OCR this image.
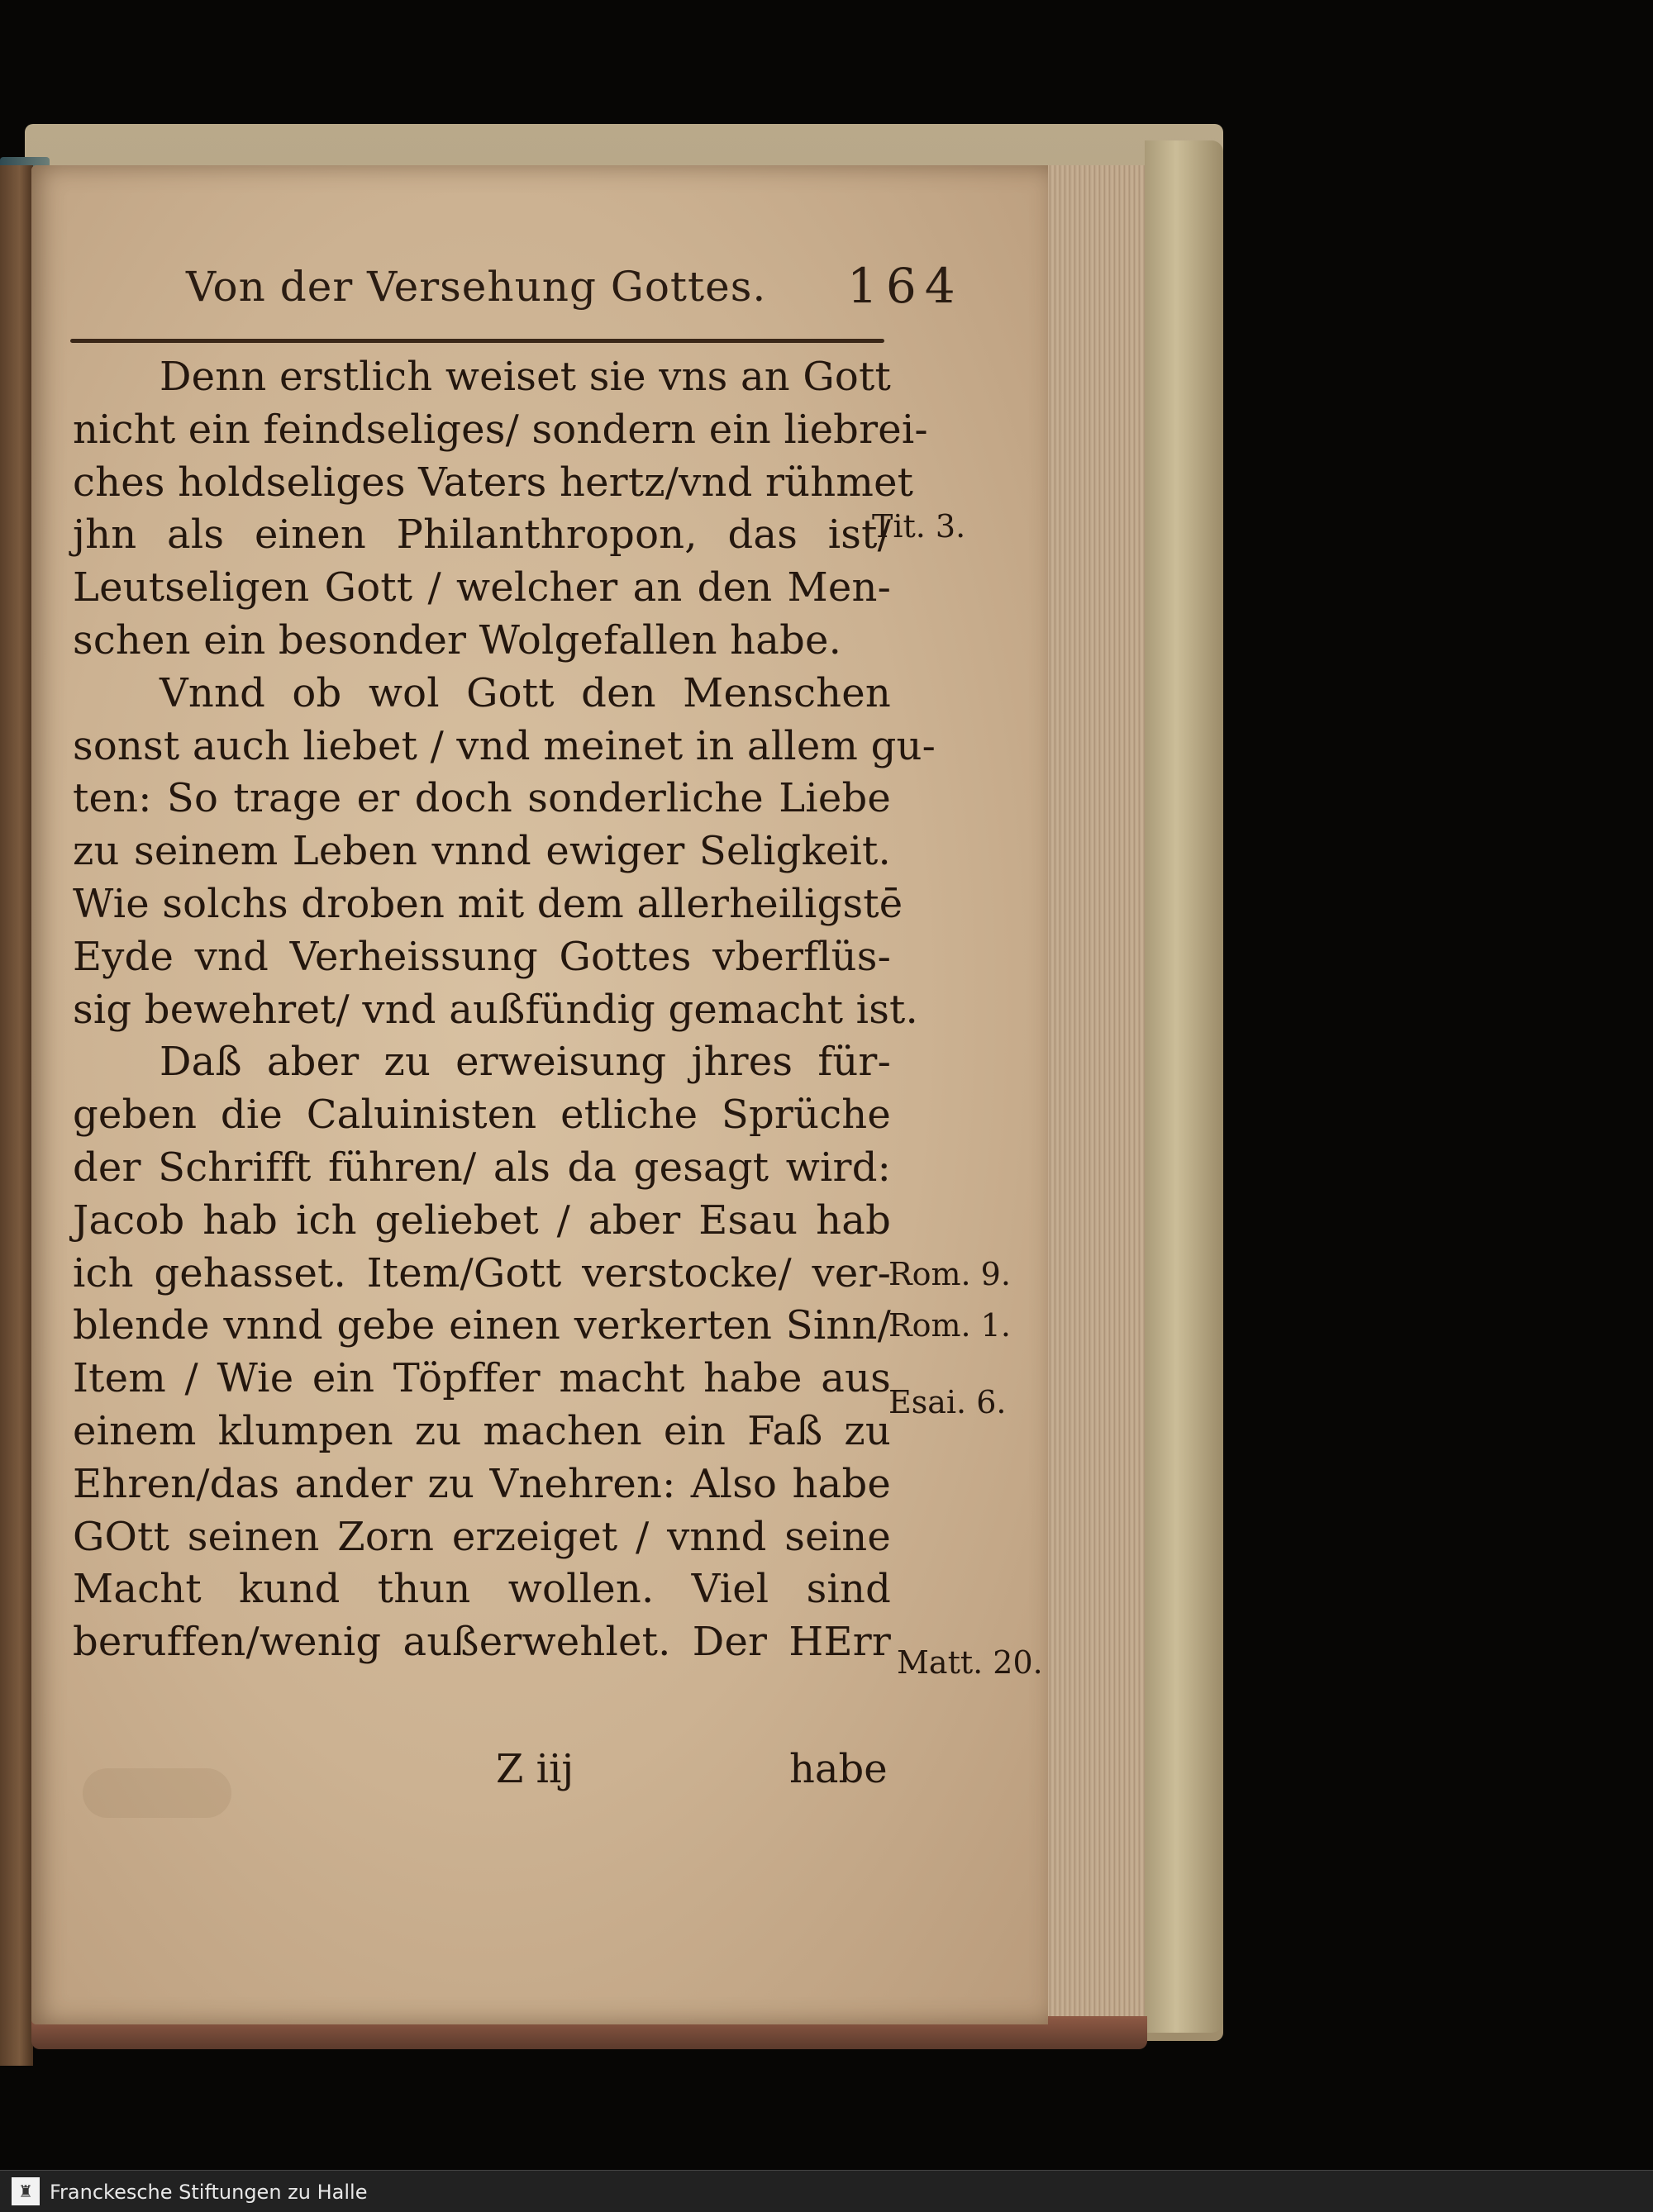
Von der Versehung Gottes. 164
Denn erstlich weiset sie vns an Gott
nicht ein feindseliges/ sondern ein liebrei-
ches holdseliges Vaters hertz/vnd rühmet
jhn als einen Philanthropon, das ist/
Leutseligen Gott / welcher an den Men-
schen ein besonder Wolgefallen habe.
Vnnd ob wol Gott den Menschen
sonst auch liebet / vnd meinet in allem gu-
ten: So trage er doch sonderliche Liebe
zu seinem Leben vnnd ewiger Seligkeit.
Wie solchs droben mit dem allerheiligstē
Eyde vnd Verheissung Gottes vberflüs-
sig bewehret/ vnd außfündig gemacht ist.
Daß aber zu erweisung jhres für-
geben die Caluinisten etliche Sprüche
der Schrifft führen/ als da gesagt wird:
Jacob hab ich geliebet / aber Esau hab
ich gehasset. Item/Gott verstocke/ ver-
blende vnnd gebe einen verkerten Sinn/
Item / Wie ein Töpffer macht habe aus
einem klumpen zu machen ein Faß zu
Ehren/das ander zu Vnehren: Also habe
GOtt seinen Zorn erzeiget / vnnd seine
Macht kund thun wollen. Viel sind
beruffen/wenig außerwehlet. Der HErr
Z iij	habe
Tit. 3.
Rom. 9.
Rom. 1.
Esai. 6.
Matt. 20.
♜ Franckesche Stiftungen zu Halle
